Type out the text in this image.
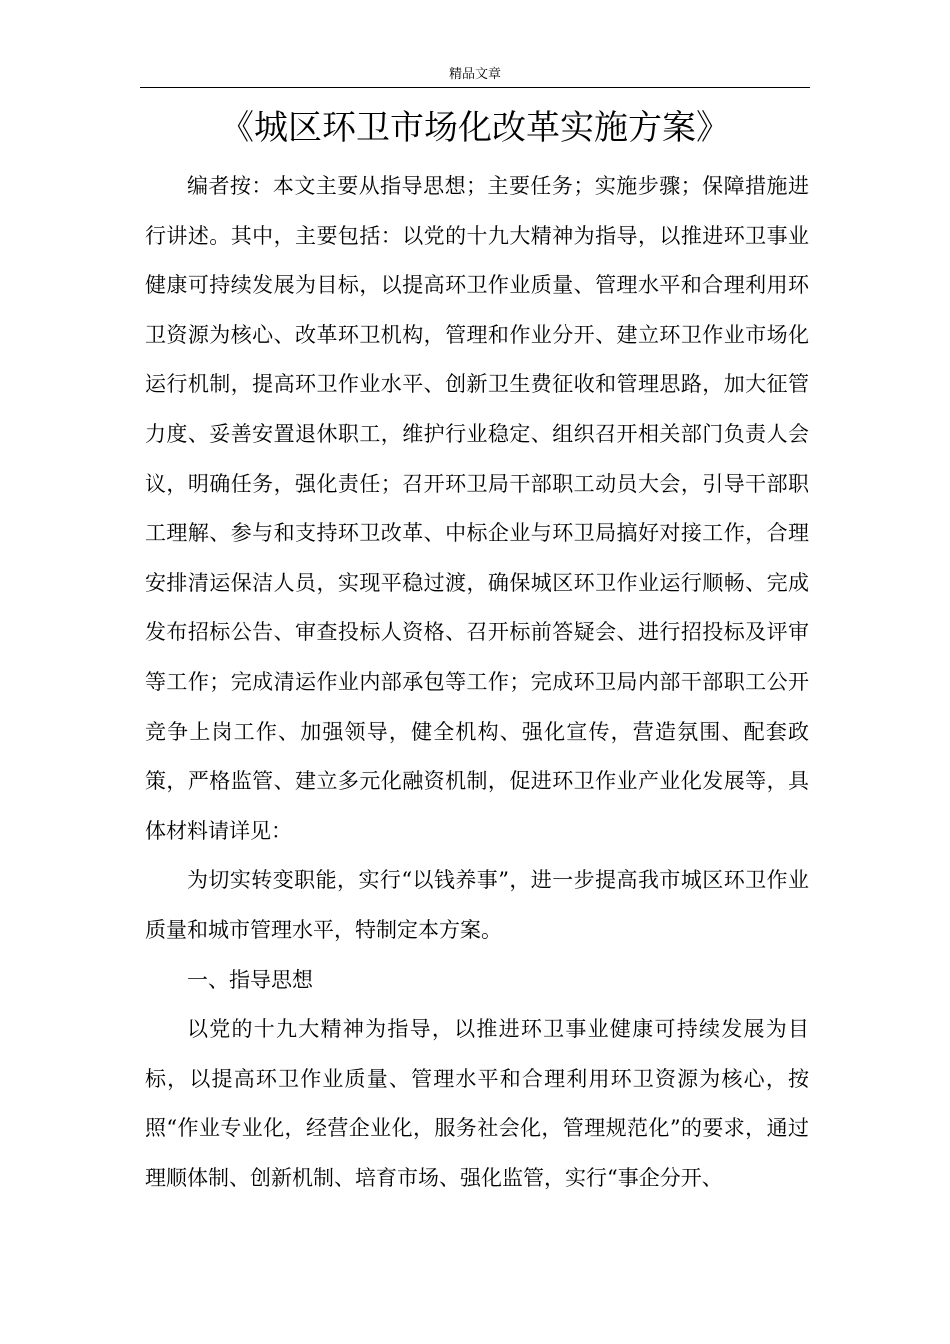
精品文章
《城区环卫市场化改革实施方案》

编者按：本文主要从指导思想；主要任务；实施步骤；保障措施进行讲述。其中，主要包括：以党的十九大精神为指导，以推进环卫事业健康可持续发展为目标，以提高环卫作业质量、管理水平和合理利用环卫资源为核心、改革环卫机构，管理和作业分开、建立环卫作业市场化运行机制，提高环卫作业水平、创新卫生费征收和管理思路，加大征管力度、妥善安置退休职工，维护行业稳定、组织召开相关部门负责人会议，明确任务，强化责任；召开环卫局干部职工动员大会，引导干部职工理解、参与和支持环卫改革、中标企业与环卫局搞好对接工作，合理安排清运保洁人员，实现平稳过渡，确保城区环卫作业运行顺畅、完成发布招标公告、审查投标人资格、召开标前答疑会、进行招投标及评审等工作；完成清运作业内部承包等工作；完成环卫局内部干部职工公开竞争上岗工作、加强领导，健全机构、强化宣传，营造氛围、配套政策，严格监管、建立多元化融资机制，促进环卫作业产业化发展等，具体材料请详见：

为切实转变职能，实行“以钱养事”，进一步提高我市城区环卫作业质量和城市管理水平，特制定本方案。

一、指导思想

以党的十九大精神为指导，以推进环卫事业健康可持续发展为目标，以提高环卫作业质量、管理水平和合理利用环卫资源为核心，按照“作业专业化，经营企业化，服务社会化，管理规范化”的要求，通过理顺体制、创新机制、培育市场、强化监管，实行“事企分开、
